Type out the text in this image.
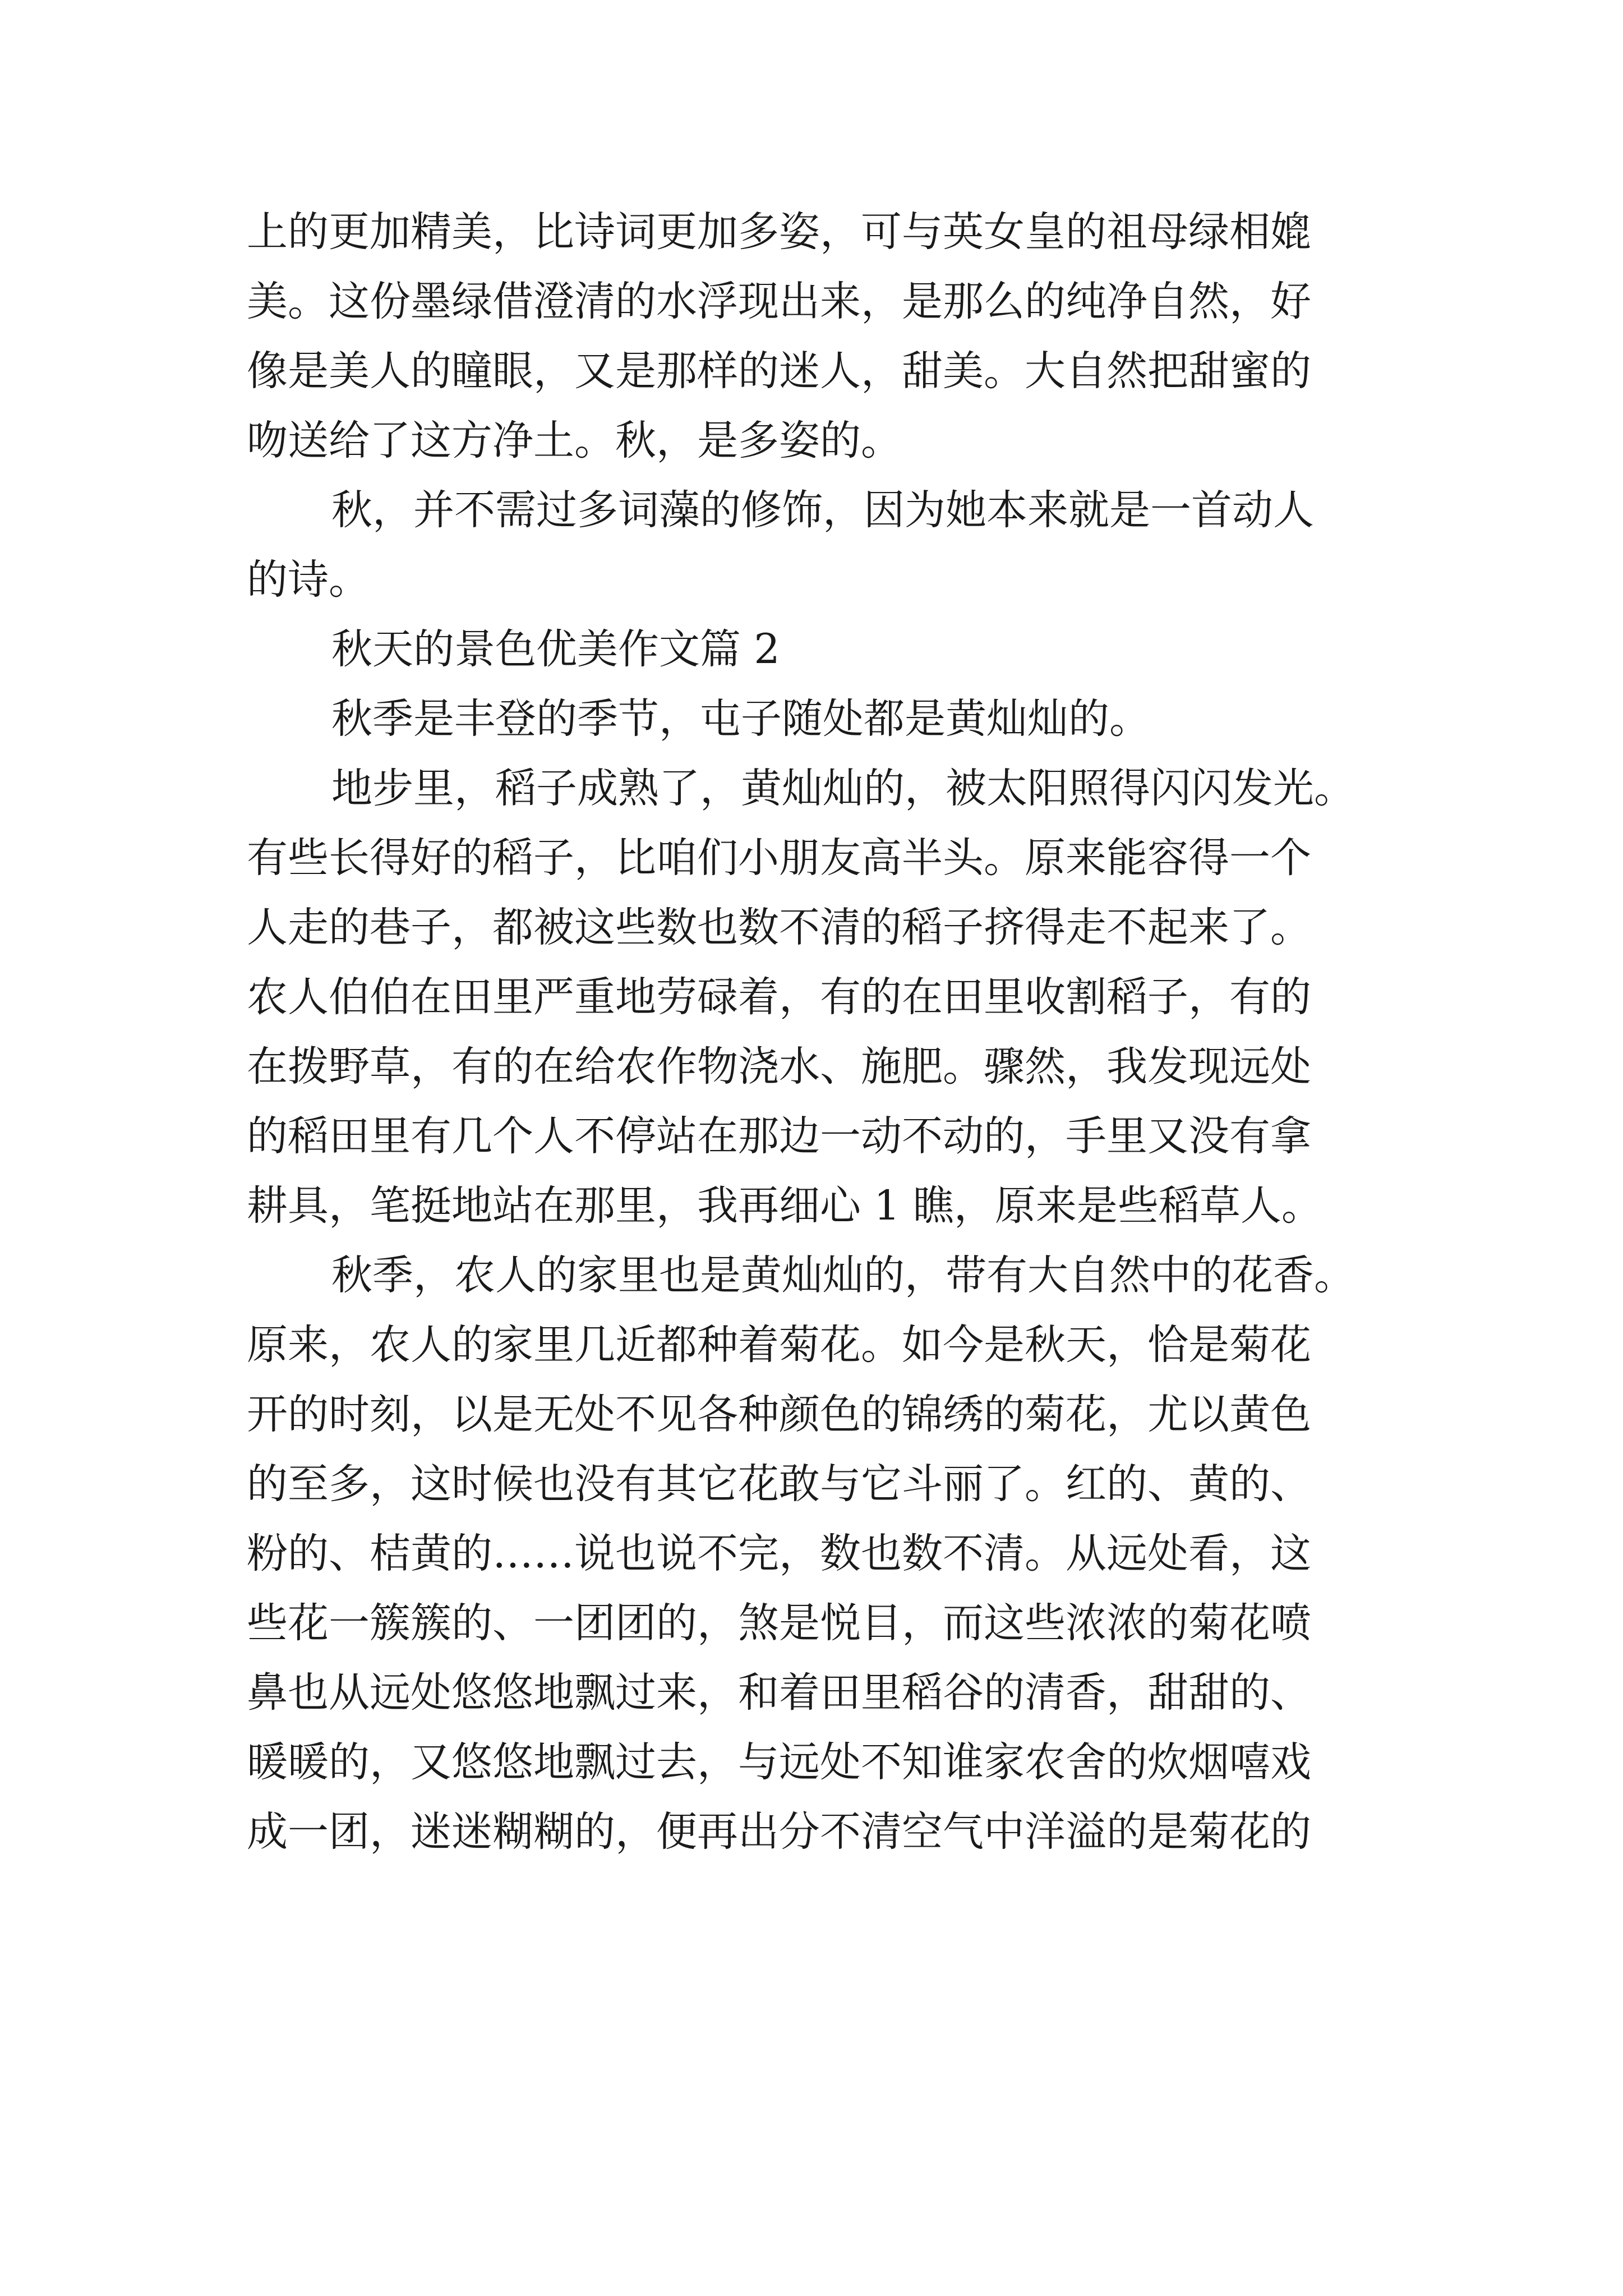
上的更加精美，比诗词更加多姿，可与英女皇的祖母绿相媲
美。这份墨绿借澄清的水浮现出来，是那么的纯净自然，好
像是美人的瞳眼，又是那样的迷人，甜美。大自然把甜蜜的
吻送给了这方净土。秋，是多姿的。
秋，并不需过多词藻的修饰，因为她本来就是一首动人
的诗。
秋天的景色优美作文篇 2
秋季是丰登的季节，屯子随处都是黄灿灿的。
地步里，稻子成熟了，黄灿灿的，被太阳照得闪闪发光。
有些长得好的稻子，比咱们小朋友高半头。原来能容得一个
人走的巷子，都被这些数也数不清的稻子挤得走不起来了。
农人伯伯在田里严重地劳碌着，有的在田里收割稻子，有的
在拨野草，有的在给农作物浇水、施肥。骤然，我发现远处
的稻田里有几个人不停站在那边一动不动的，手里又没有拿
耕具，笔挺地站在那里，我再细心 1 瞧，原来是些稻草人。
秋季，农人的家里也是黄灿灿的，带有大自然中的花香。
原来，农人的家里几近都种着菊花。如今是秋天，恰是菊花
开的时刻，以是无处不见各种颜色的锦绣的菊花，尤以黄色
的至多，这时候也没有其它花敢与它斗丽了。红的、黄的、
粉的、桔黄的……说也说不完，数也数不清。从远处看，这
些花一簇簇的、一团团的，煞是悦目，而这些浓浓的菊花喷
鼻也从远处悠悠地飘过来，和着田里稻谷的清香，甜甜的、
暖暖的，又悠悠地飘过去，与远处不知谁家农舍的炊烟嘻戏
成一团，迷迷糊糊的，便再出分不清空气中洋溢的是菊花的
